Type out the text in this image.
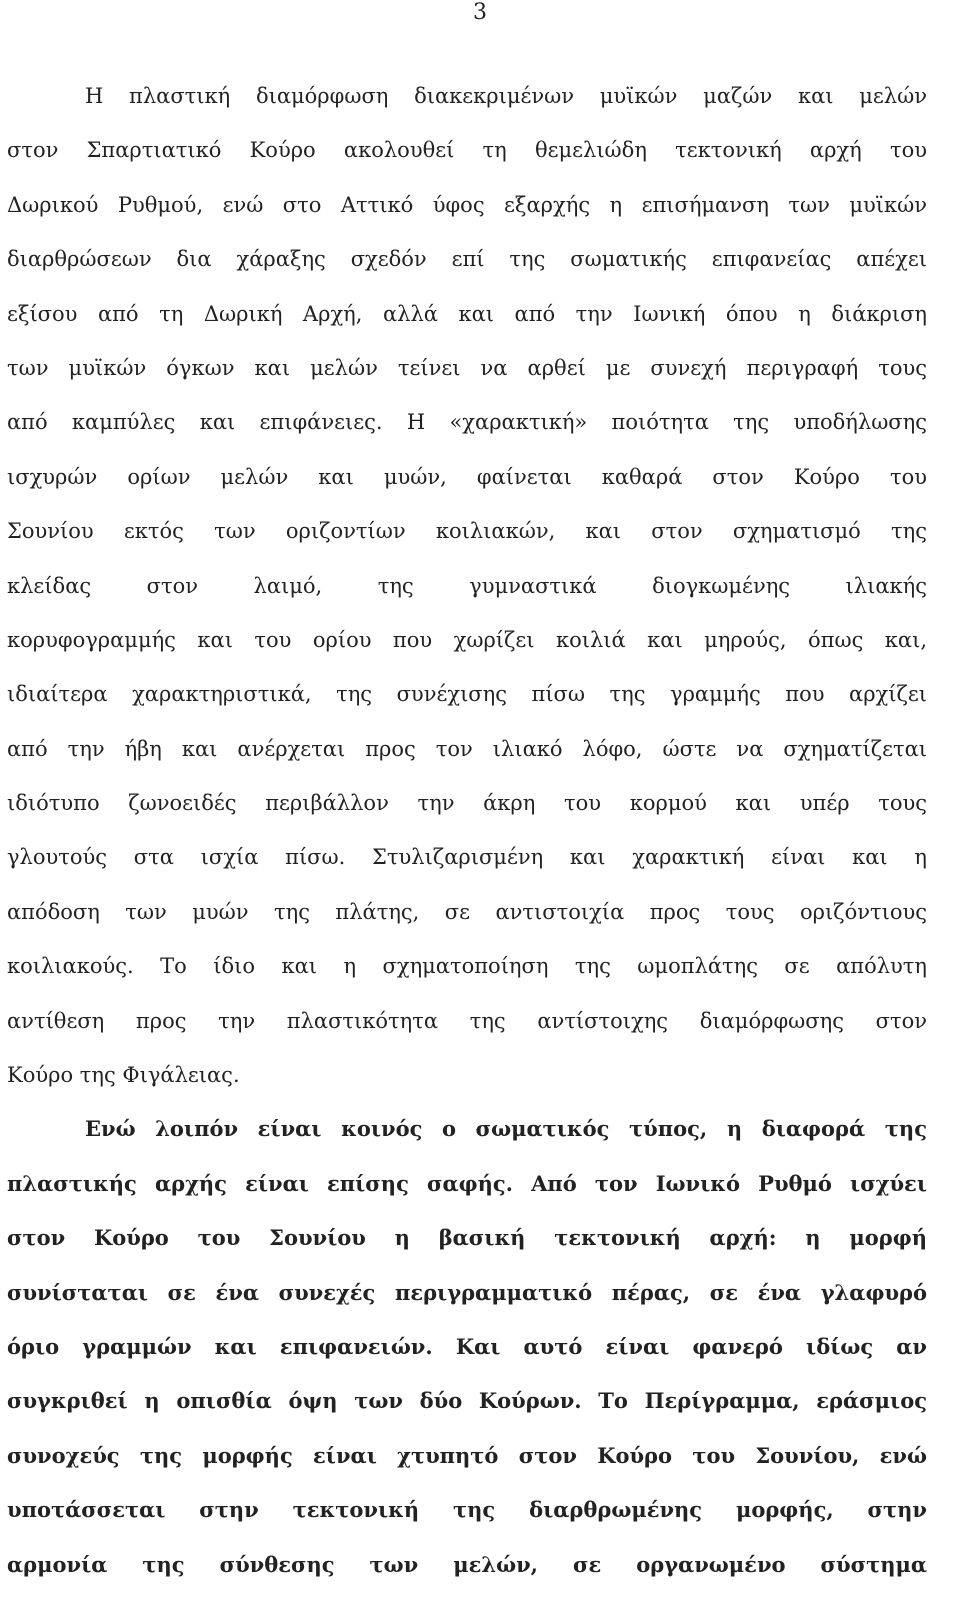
3
Η πλαστική διαμόρφωση διακεκριμένων μυϊκών μαζών και μελών
στον Σπαρτιατικό Κούρο ακολουθεί τη θεμελιώδη τεκτονική αρχή του
Δωρικού Ρυθμού, ενώ στο Αττικό ύφος εξαρχής η επισήμανση των μυϊκών
διαρθρώσεων δια χάραξης σχεδόν επί της σωματικής επιφανείας απέχει
εξίσου από τη Δωρική Αρχή, αλλά και από την Ιωνική όπου η διάκριση
των μυϊκών όγκων και μελών τείνει να αρθεί με συνεχή περιγραφή τους
από καμπύλες και επιφάνειες. Η «χαρακτική» ποιότητα της υποδήλωσης
ισχυρών ορίων μελών και μυών, φαίνεται καθαρά στον Κούρο του
Σουνίου εκτός των οριζοντίων κοιλιακών, και στον σχηματισμό της
κλείδας στον λαιμό, της γυμναστικά διογκωμένης ιλιακής
κορυφογραμμής και του ορίου που χωρίζει κοιλιά και μηρούς, όπως και,
ιδιαίτερα χαρακτηριστικά, της συνέχισης πίσω της γραμμής που αρχίζει
από την ήβη και ανέρχεται προς τον ιλιακό λόφο, ώστε να σχηματίζεται
ιδιότυπο ζωνοειδές περιβάλλον την άκρη του κορμού και υπέρ τους
γλουτούς στα ισχία πίσω. Στυλιζαρισμένη και χαρακτική είναι και η
απόδοση των μυών της πλάτης, σε αντιστοιχία προς τους οριζόντιους
κοιλιακούς. Το ίδιο και η σχηματοποίηση της ωμοπλάτης σε απόλυτη
αντίθεση προς την πλαστικότητα της αντίστοιχης διαμόρφωσης στον
Κούρο της Φιγάλειας.
Ενώ λοιπόν είναι κοινός ο σωματικός τύπος, η διαφορά της
πλαστικής αρχής είναι επίσης σαφής. Από τον Ιωνικό Ρυθμό ισχύει
στον Κούρο του Σουνίου η βασική τεκτονική αρχή: η μορφή
συνίσταται σε ένα συνεχές περιγραμματικό πέρας, σε ένα γλαφυρό
όριο γραμμών και επιφανειών. Και αυτό είναι φανερό ιδίως αν
συγκριθεί η οπισθία όψη των δύο Κούρων. Το Περίγραμμα, εράσμιος
συνοχεύς της μορφής είναι χτυπητό στον Κούρο του Σουνίου, ενώ
υποτάσσεται στην τεκτονική της διαρθρωμένης μορφής, στην
αρμονία της σύνθεσης των μελών, σε οργανωμένο σύστημα
